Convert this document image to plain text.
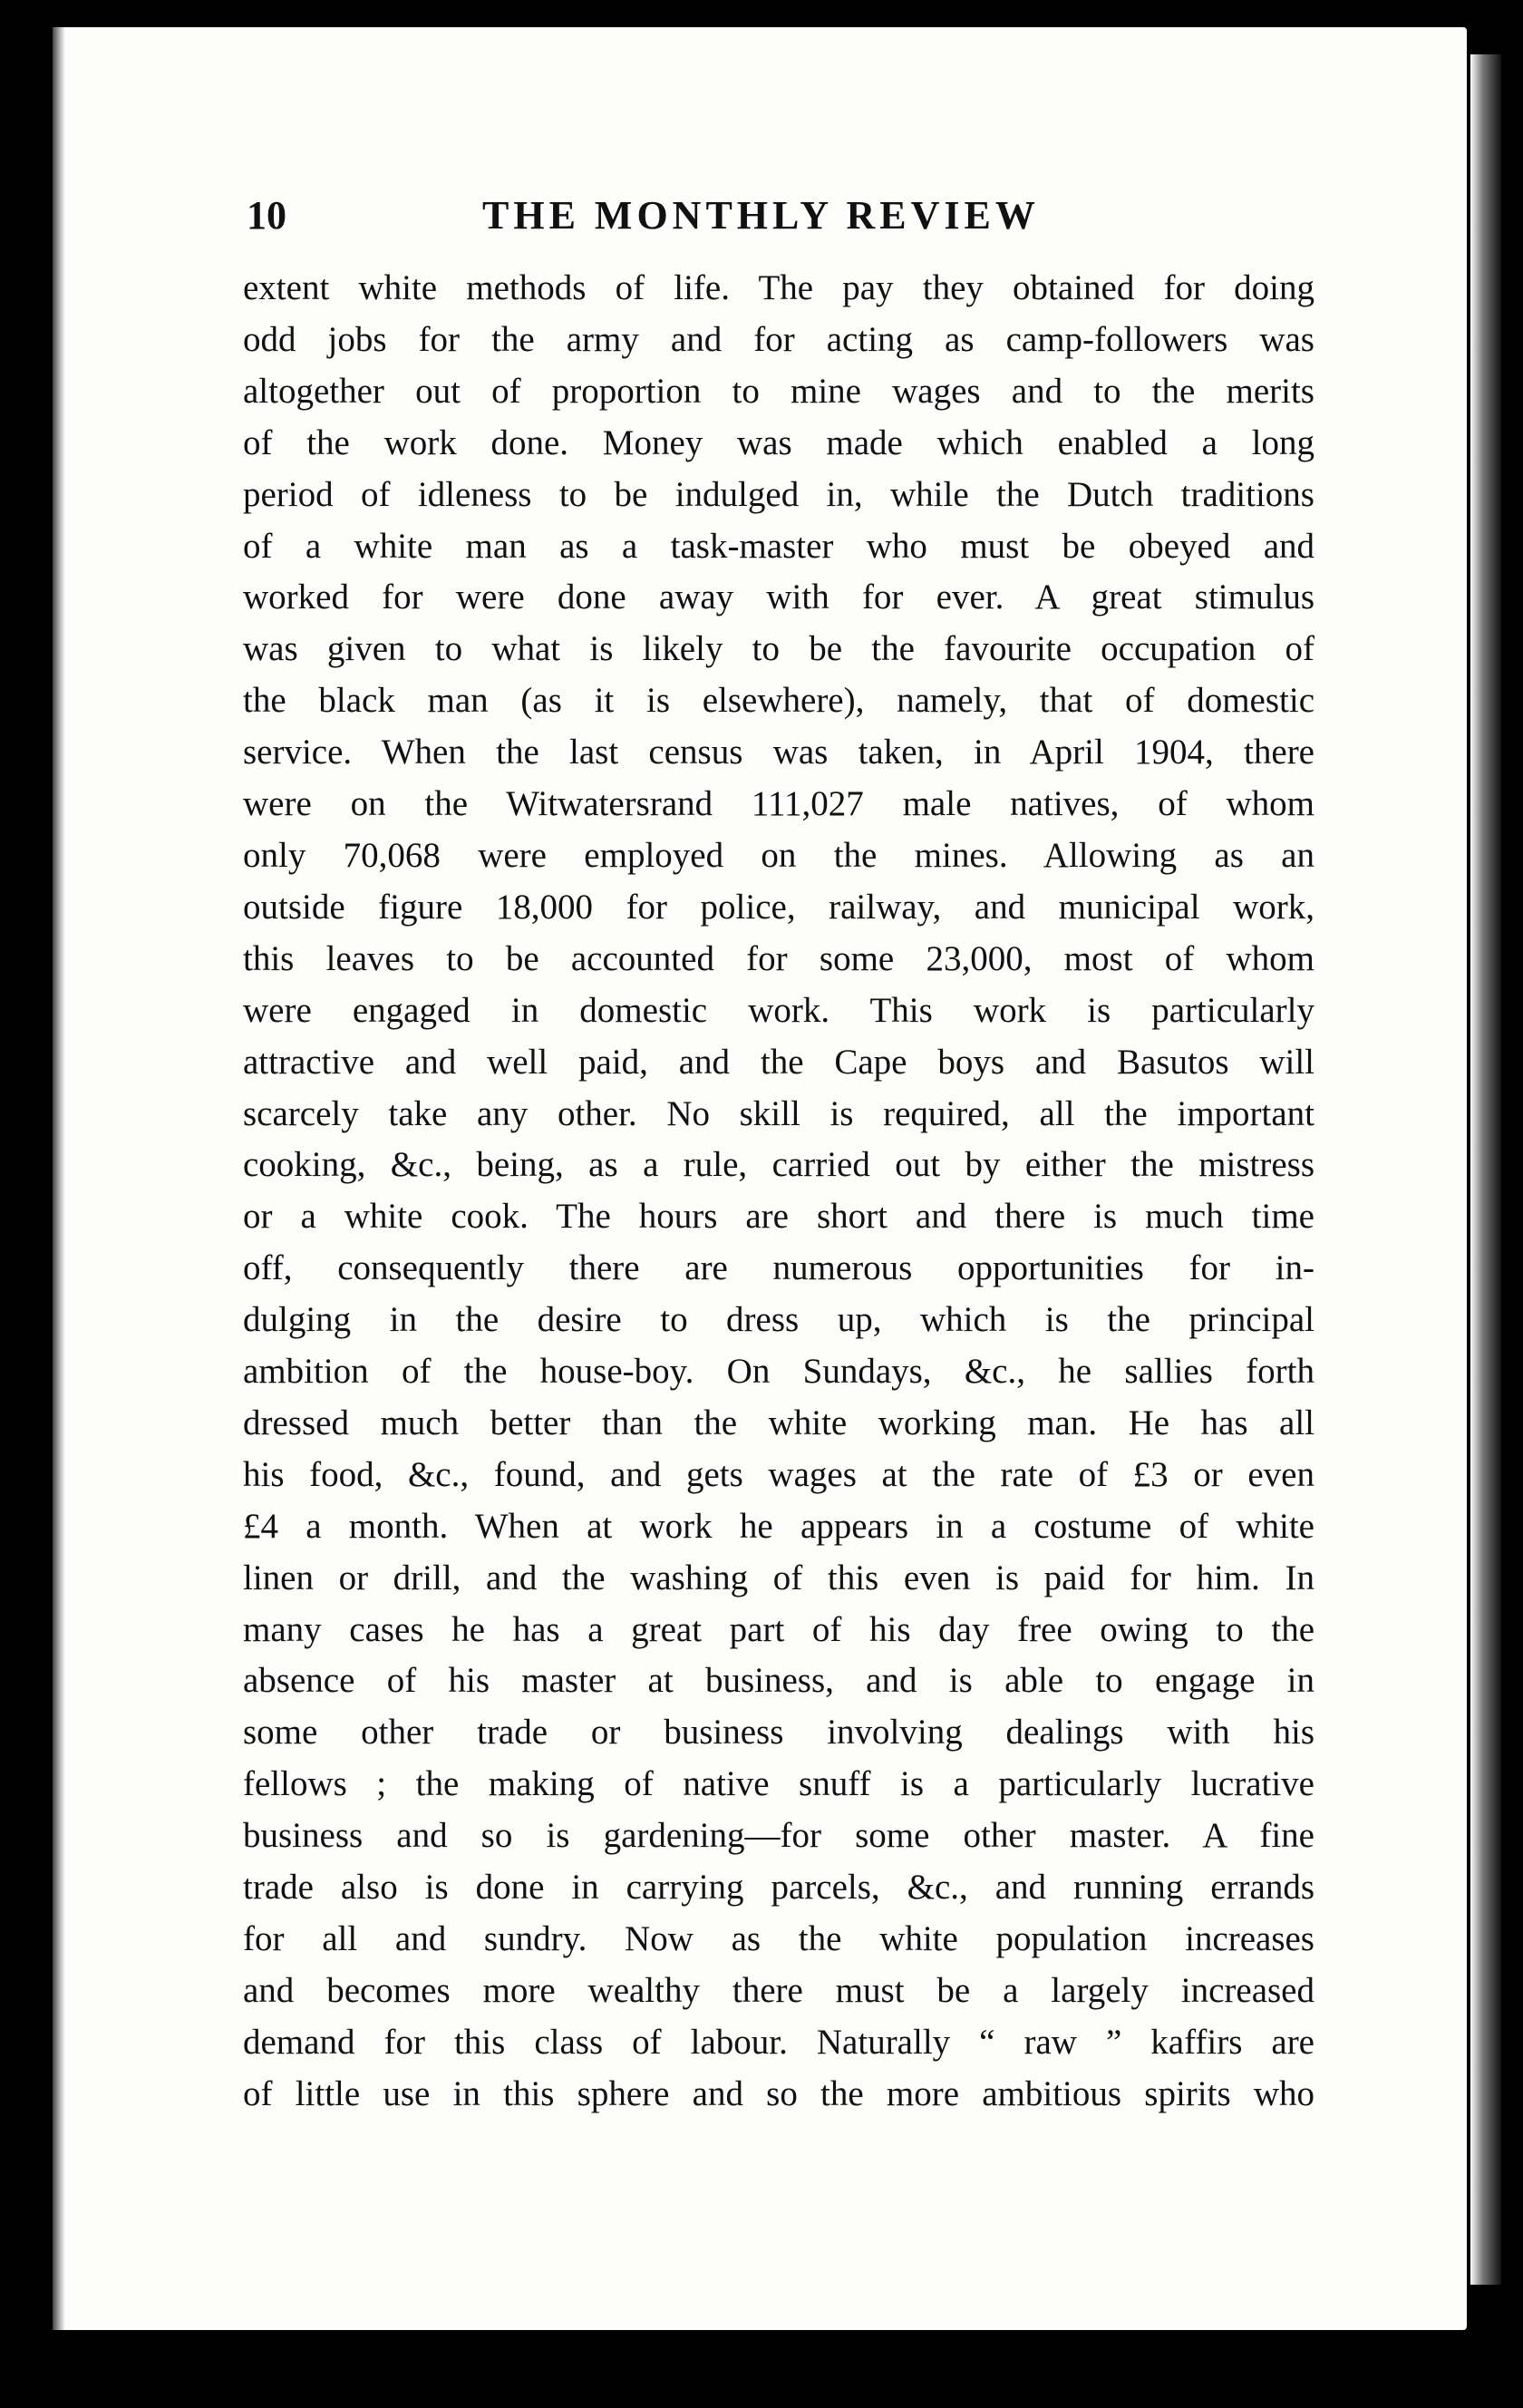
10	THE MONTHLY REVIEW
extent white methods of life. The pay they obtained for doing
odd jobs for the army and for acting as camp-followers was
altogether out of proportion to mine wages and to the merits
of the work done. Money was made which enabled a long
period of idleness to be indulged in, while the Dutch traditions
of a white man as a task-master who must be obeyed and
worked for were done away with for ever. A great stimulus
was given to what is likely to be the favourite occupation of
the black man (as it is elsewhere), namely, that of domestic
service. When the last census was taken, in April 1904, there
were on the Witwatersrand 111,027 male natives, of whom
only 70,068 were employed on the mines. Allowing as an
outside figure 18,000 for police, railway, and municipal work,
this leaves to be accounted for some 23,000, most of whom
were engaged in domestic work. This work is particularly
attractive and well paid, and the Cape boys and Basutos will
scarcely take any other. No skill is required, all the important
cooking, &c., being, as a rule, carried out by either the mistress
or a white cook. The hours are short and there is much time
off, consequently there are numerous opportunities for in-
dulging in the desire to dress up, which is the principal
ambition of the house-boy. On Sundays, &c., he sallies forth
dressed much better than the white working man. He has all
his food, &c., found, and gets wages at the rate of £3 or even
£4 a month. When at work he appears in a costume of white
linen or drill, and the washing of this even is paid for him. In
many cases he has a great part of his day free owing to the
absence of his master at business, and is able to engage in
some other trade or business involving dealings with his
fellows ; the making of native snuff is a particularly lucrative
business and so is gardening—for some other master. A fine
trade also is done in carrying parcels, &c., and running errands
for all and sundry. Now as the white population increases
and becomes more wealthy there must be a largely increased
demand for this class of labour. Naturally “ raw ” kaffirs are
of little use in this sphere and so the more ambitious spirits who
